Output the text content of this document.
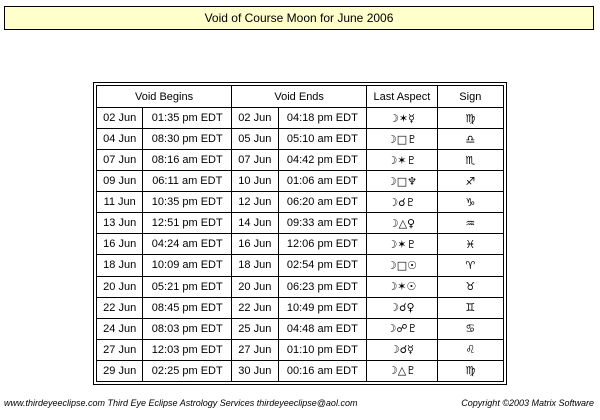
Void of Course Moon for June 2006
Void Begins		Void Ends		Last Aspect	Sign
02 Jun	01:35 pm EDT	02 Jun	04:18 pm EDT	☽✶☿	♍
04 Jun	08:30 pm EDT	05 Jun	05:10 am EDT	☽□♇	♎
07 Jun	08:16 am EDT	07 Jun	04:42 pm EDT	☽✶♇	♏
09 Jun	06:11 am EDT	10 Jun	01:06 am EDT	☽□♆	♐
11 Jun	10:35 pm EDT	12 Jun	06:20 am EDT	☽☌♇	♑
13 Jun	12:51 pm EDT	14 Jun	09:33 am EDT	☽△♀	♒
16 Jun	04:24 am EDT	16 Jun	12:06 pm EDT	☽✶♇	♓
18 Jun	10:09 am EDT	18 Jun	02:54 pm EDT	☽□☉	♈
20 Jun	05:21 pm EDT	20 Jun	06:23 pm EDT	☽✶☉	♉
22 Jun	08:45 pm EDT	22 Jun	10:49 pm EDT	☽☌♀	♊
24 Jun	08:03 pm EDT	25 Jun	04:48 am EDT	☽☍♇	♋
27 Jun	12:03 pm EDT	27 Jun	01:10 pm EDT	☽☌☿	♌
29 Jun	02:25 pm EDT	30 Jun	00:16 am EDT	☽△♇	♍
www.thirdeyeeclipse.com Third Eye Eclipse Astrology Services thirdeyeeclipse@aol.com	Copyright ©2003 Matrix Software
